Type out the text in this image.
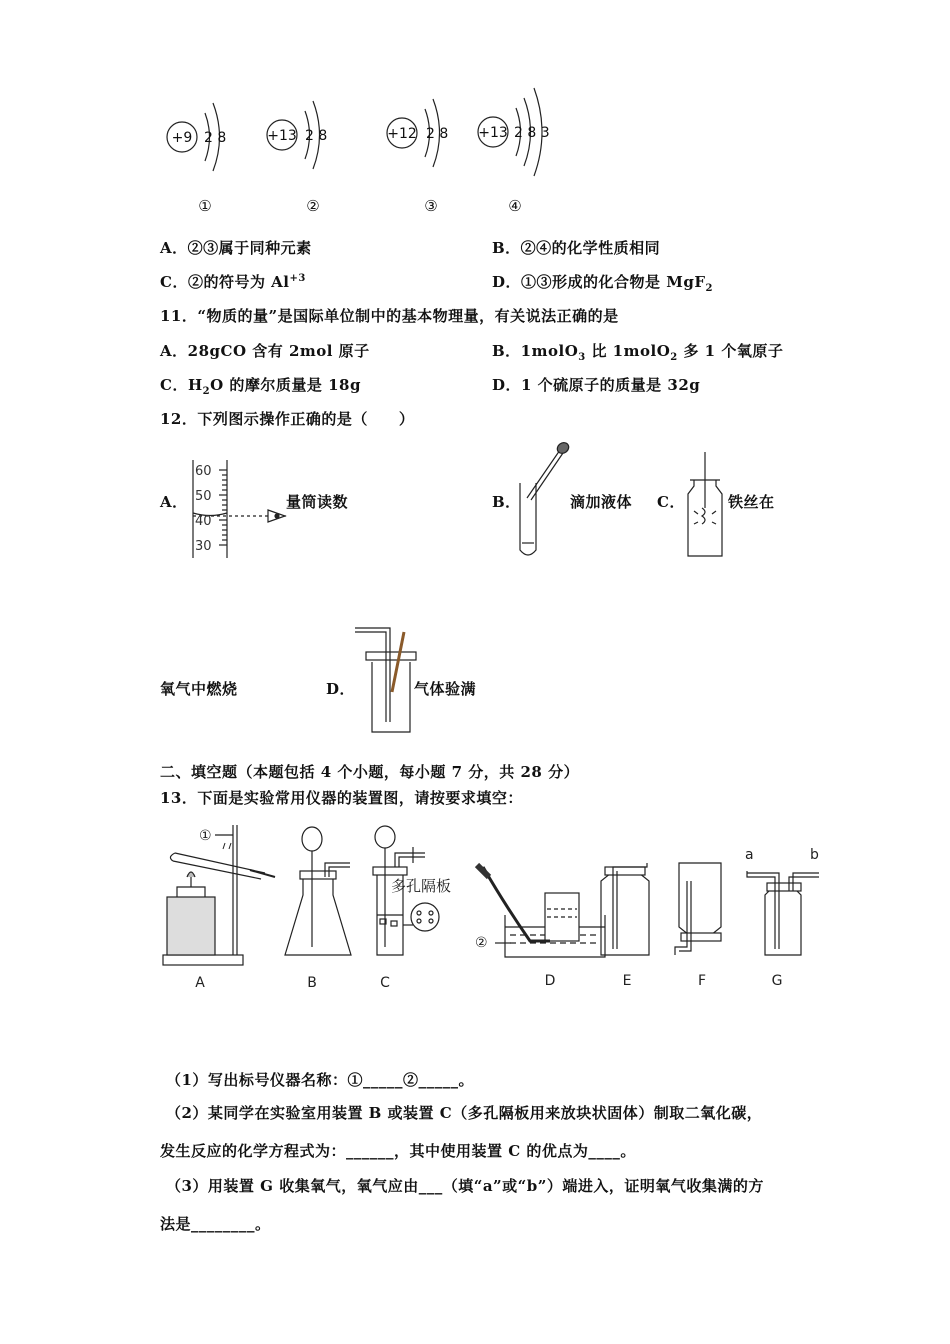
+9 2 8	+13 2 8	+12 2 8 +13 2 8 3
①	②	③	④
A．②③属于同种元素	B．②④的化学性质相同
C．②的符号为 $Al^{+3}$	D．①③形成的化合物是 MgF$_2$
11．“物质的量”是国际单位制中的基本物理量，有关说法正确的是
A．28gCO 含有 2mol 原子	B．1molO$_3$ 比 1molO$_2$ 多 1 个氧原子
C．$H_2O$ 的摩尔质量是 18g	D．1 个硫原子的质量是 32g
12．下列图示操作正确的是（　　）
A．
60
50
40
30
量筒读数	B．	滴加液体 C．	铁丝在
氧气中燃烧	D．	气体验满
二、填空题（本题包括 4 个小题，每小题 7 分，共 28 分）
13．下面是实验常用仪器的装置图，请按要求填空：
①
②
多孔隔板
a	b
A	B	C	D	E	F	G
（1）写出标号仪器名称：①_____②_____。
（2）某同学在实验室用装置 B 或装置 C（多孔隔板用来放块状固体）制取二氧化碳，
发生反应的化学方程式为：______，其中使用装置 C 的优点为____。
（3）用装置 G 收集氧气，氧气应由___（填“a”或“b”）端进入，证明氧气收集满的方
法是________。
